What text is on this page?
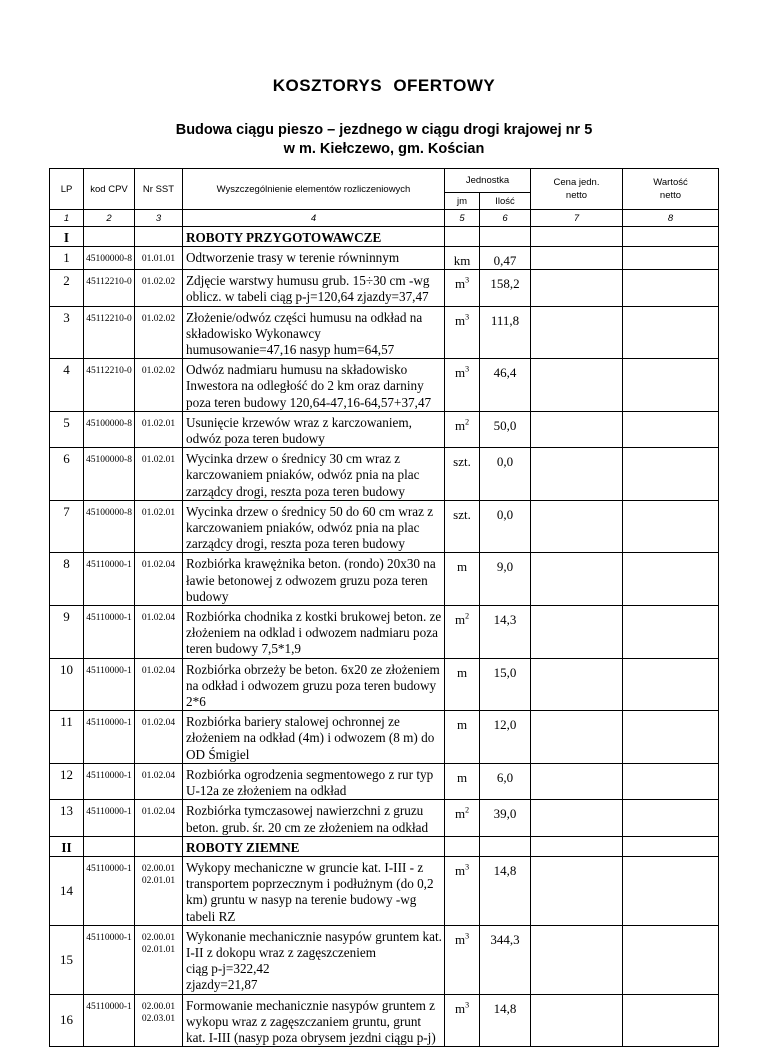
KOSZTORYS OFERTOWY
Budowa ciągu pieszo – jezdnego w ciągu drogi krajowej nr 5
w m. Kiełczewo, gm. Kościan
LP	kod CPV	Nr SST	Wyszczególnienie elementów rozliczeniowych	Jednostka		Cena jedn. netto	Wartość netto
				jm	Ilość		
1	2	3	4	5	6	7	8
I			ROBOTY PRZYGOTOWAWCZE				
1	45100000-8	01.01.01	Odtworzenie trasy w terenie równinnym	km	0,47		
2	45112210-0	01.02.02	Zdjęcie warstwy humusu grub. 15÷30 cm -wg
oblicz. w tabeli ciąg p-j=120,64 zjazdy=37,47	$m^3$	158,2		
3	45112210-0	01.02.02	Złożenie/odwóz części humusu na odkład na
składowisko Wykonawcy
humusowanie=47,16 nasyp hum=64,57	$m^3$	111,8		
4	45112210-0	01.02.02	Odwóz nadmiaru humusu na składowisko
Inwestora na odległość do 2 km oraz darniny
poza teren budowy 120,64-47,16-64,57+37,47	$m^3$	46,4		
5	45100000-8	01.02.01	Usunięcie krzewów wraz z karczowaniem,
odwóz poza teren budowy	$m^2$	50,0		
6	45100000-8	01.02.01	Wycinka drzew o średnicy 30 cm wraz z
karczowaniem pniaków, odwóz pnia na plac
zarządcy drogi, reszta poza teren budowy	szt.	0,0		
7	45100000-8	01.02.01	Wycinka drzew o średnicy 50 do 60 cm wraz z
karczowaniem pniaków, odwóz pnia na plac
zarządcy drogi, reszta poza teren budowy	szt.	0,0		
8	45110000-1	01.02.04	Rozbiórka krawężnika beton. (rondo) 20x30 na
ławie betonowej z odwozem gruzu poza teren
budowy	m	9,0		
9	45110000-1	01.02.04	Rozbiórka chodnika z kostki brukowej beton. ze
złożeniem na odklad i odwozem nadmiaru poza
teren budowy 7,5*1,9	$m^2$	14,3		
10	45110000-1	01.02.04	Rozbiórka obrzeży be beton. 6x20 ze złożeniem
na odkład i odwozem gruzu poza teren budowy
2*6	m	15,0		
11	45110000-1	01.02.04	Rozbiórka bariery stalowej ochronnej ze
złożeniem na odkład (4m) i odwozem (8 m) do
OD Śmigiel	m	12,0		
12	45110000-1	01.02.04	Rozbiórka ogrodzenia segmentowego z rur typ
U-12a ze złożeniem na odkład	m	6,0		
13	45110000-1	01.02.04	Rozbiórka tymczasowej nawierzchni z gruzu
beton. grub. śr. 20 cm ze złożeniem na odkład	$m^2$	39,0		
II			ROBOTY ZIEMNE				
14	45110000-1	02.00.01
02.01.01	Wykopy mechaniczne w gruncie kat. I-III - z
transportem poprzecznym i podłużnym (do 0,2
km) gruntu w nasyp na terenie budowy -wg
tabeli RZ	$m^3$	14,8		
15	45110000-1	02.00.01
02.01.01	Wykonanie mechanicznie nasypów gruntem kat.
I-II z dokopu wraz z zagęszczeniem
ciąg p-j=322,42
zjazdy=21,87	$m^3$	344,3		
16	45110000-1	02.00.01
02.03.01	Formowanie mechanicznie nasypów gruntem z
wykopu wraz z zagęszczaniem gruntu, grunt
kat. I-III (nasyp poza obrysem jezdni ciągu p-j)	$m^3$	14,8		
